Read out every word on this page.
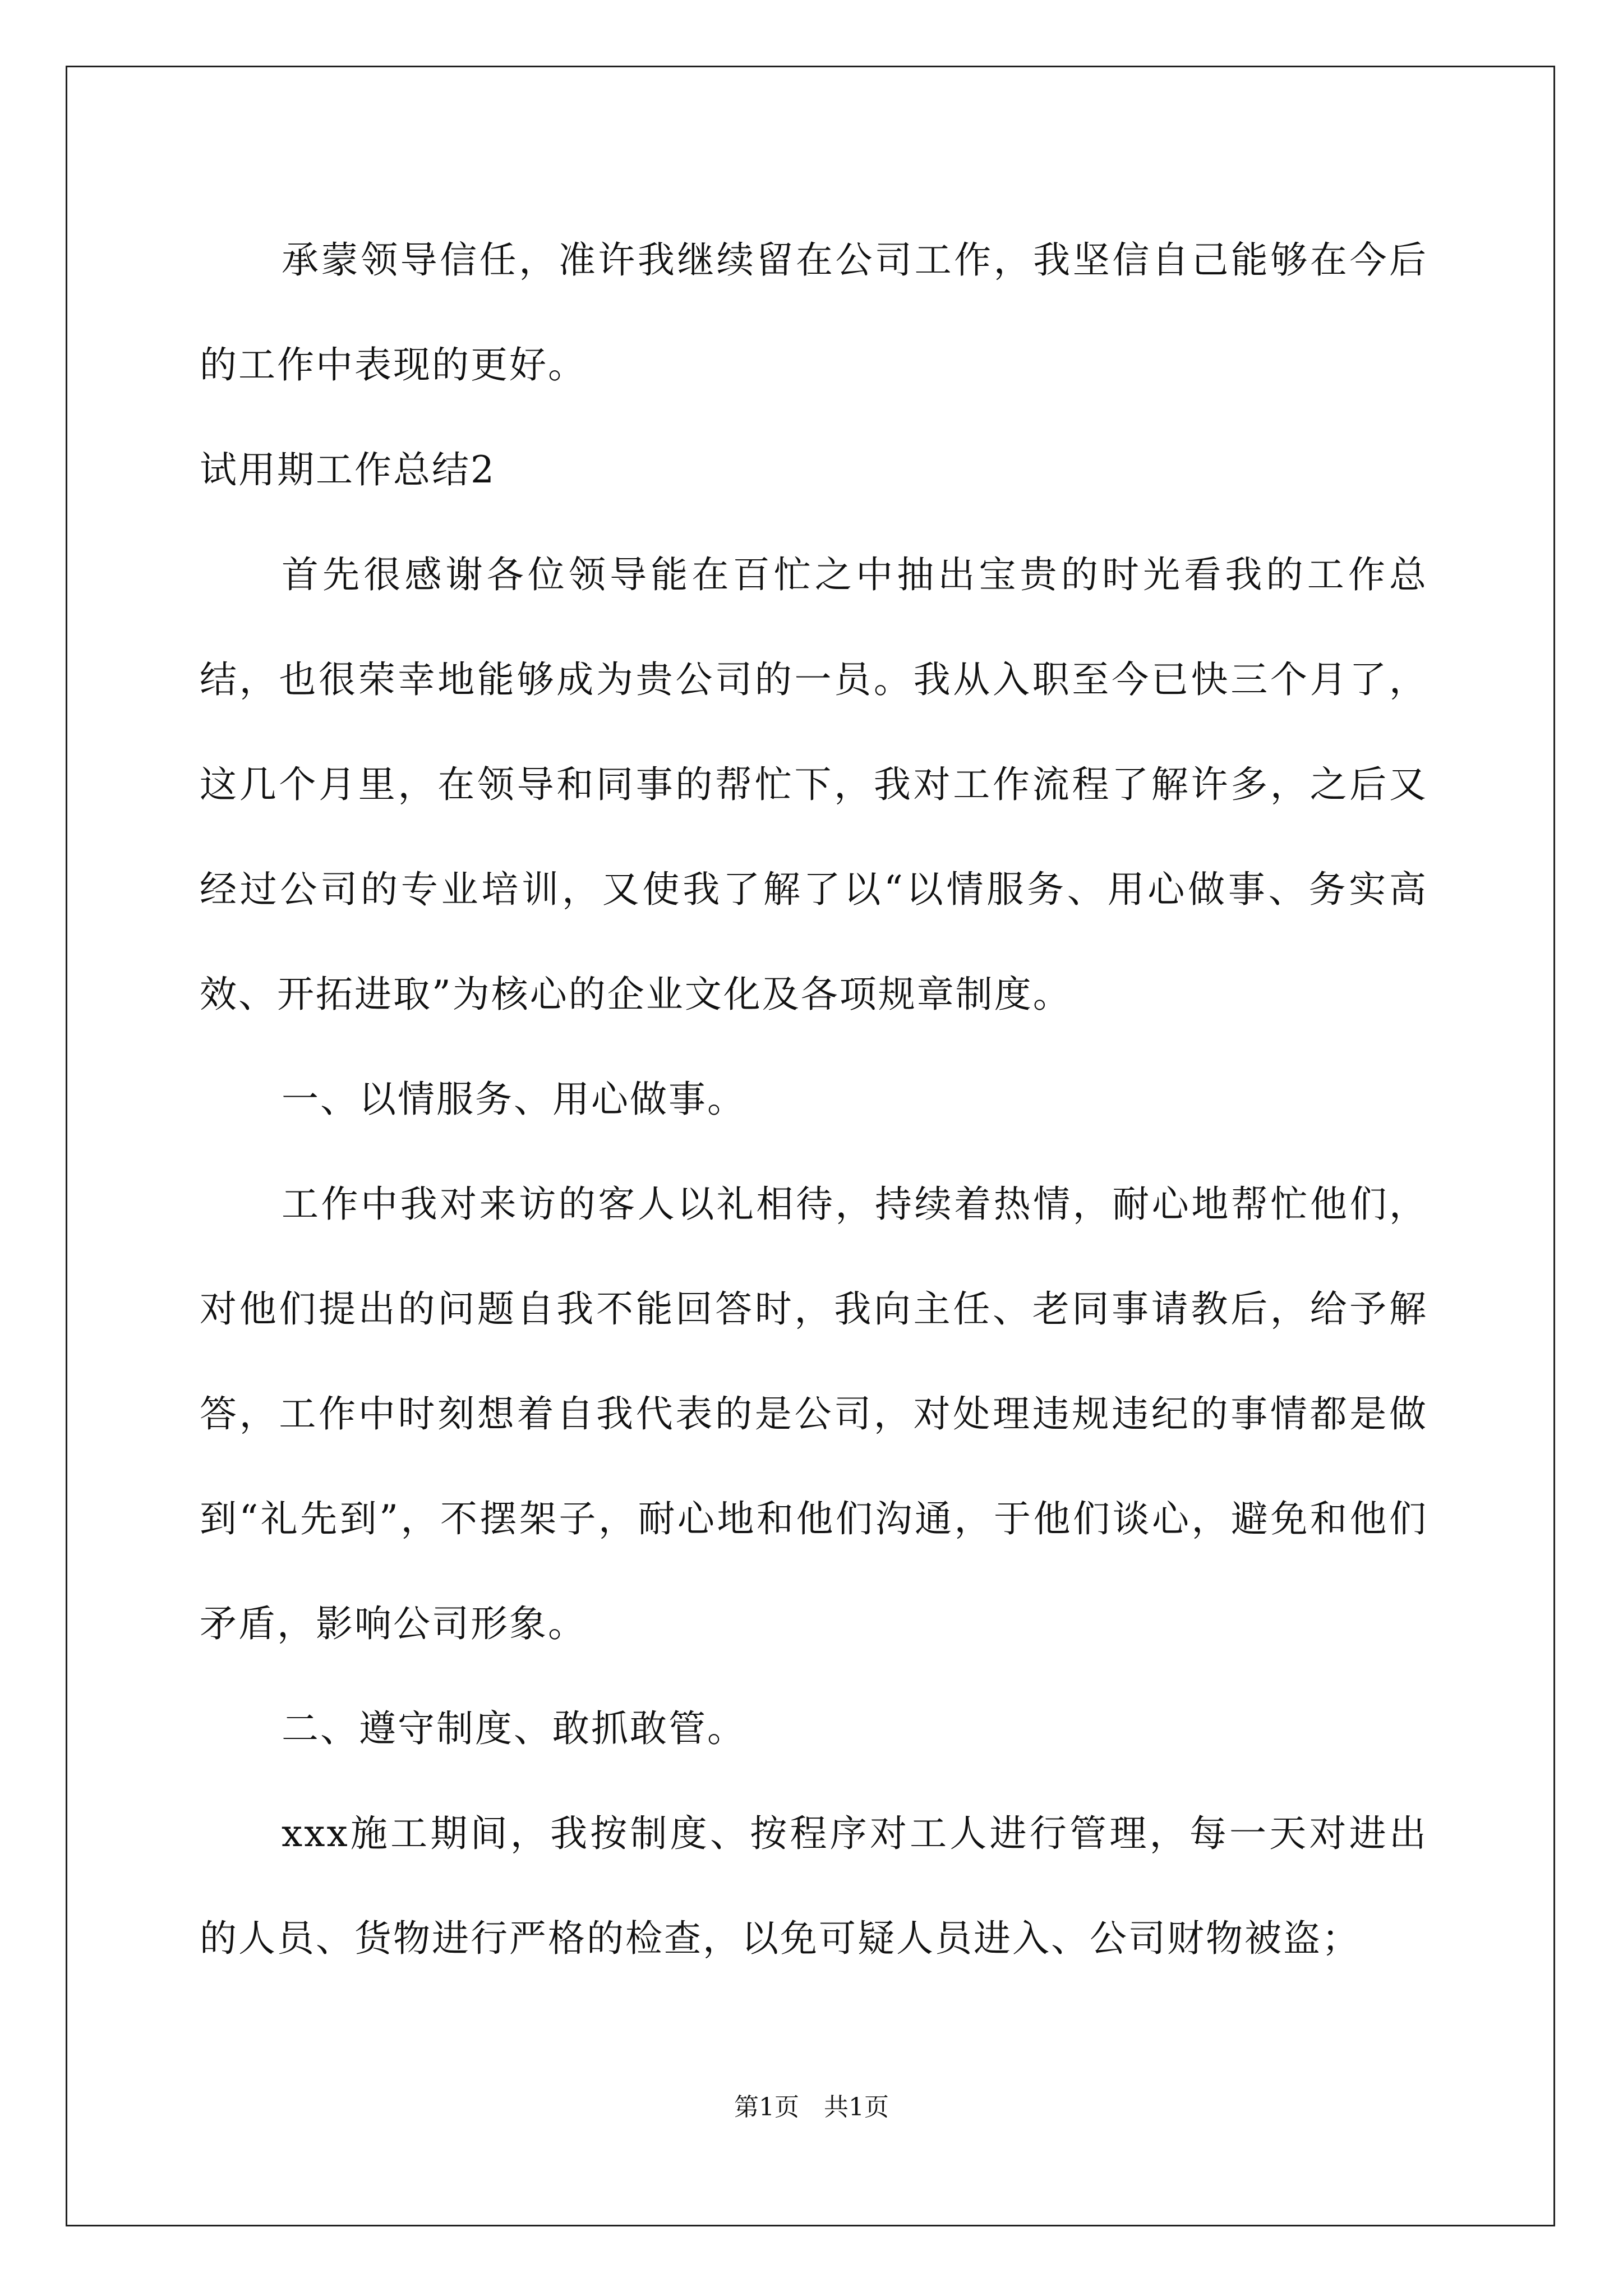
承蒙领导信任，准许我继续留在公司工作，我坚信自己能够在今后的工作中表现的更好。

试用期工作总结2

首先很感谢各位领导能在百忙之中抽出宝贵的时光看我的工作总结，也很荣幸地能够成为贵公司的一员。我从入职至今已快三个月了，这几个月里，在领导和同事的帮忙下，我对工作流程了解许多，之后又经过公司的专业培训，又使我了解了以“以情服务、用心做事、务实高效、开拓进取”为核心的企业文化及各项规章制度。

一、以情服务、用心做事。

工作中我对来访的客人以礼相待，持续着热情，耐心地帮忙他们，对他们提出的问题自我不能回答时，我向主任、老同事请教后，给予解答，工作中时刻想着自我代表的是公司，对处理违规违纪的事情都是做到“礼先到”，不摆架子，耐心地和他们沟通，于他们谈心，避免和他们矛盾，影响公司形象。

二、遵守制度、敢抓敢管。

xxx施工期间，我按制度、按程序对工人进行管理，每一天对进出的人员、货物进行严格的检查，以免可疑人员进入、公司财物被盗；

第1页　共1页
